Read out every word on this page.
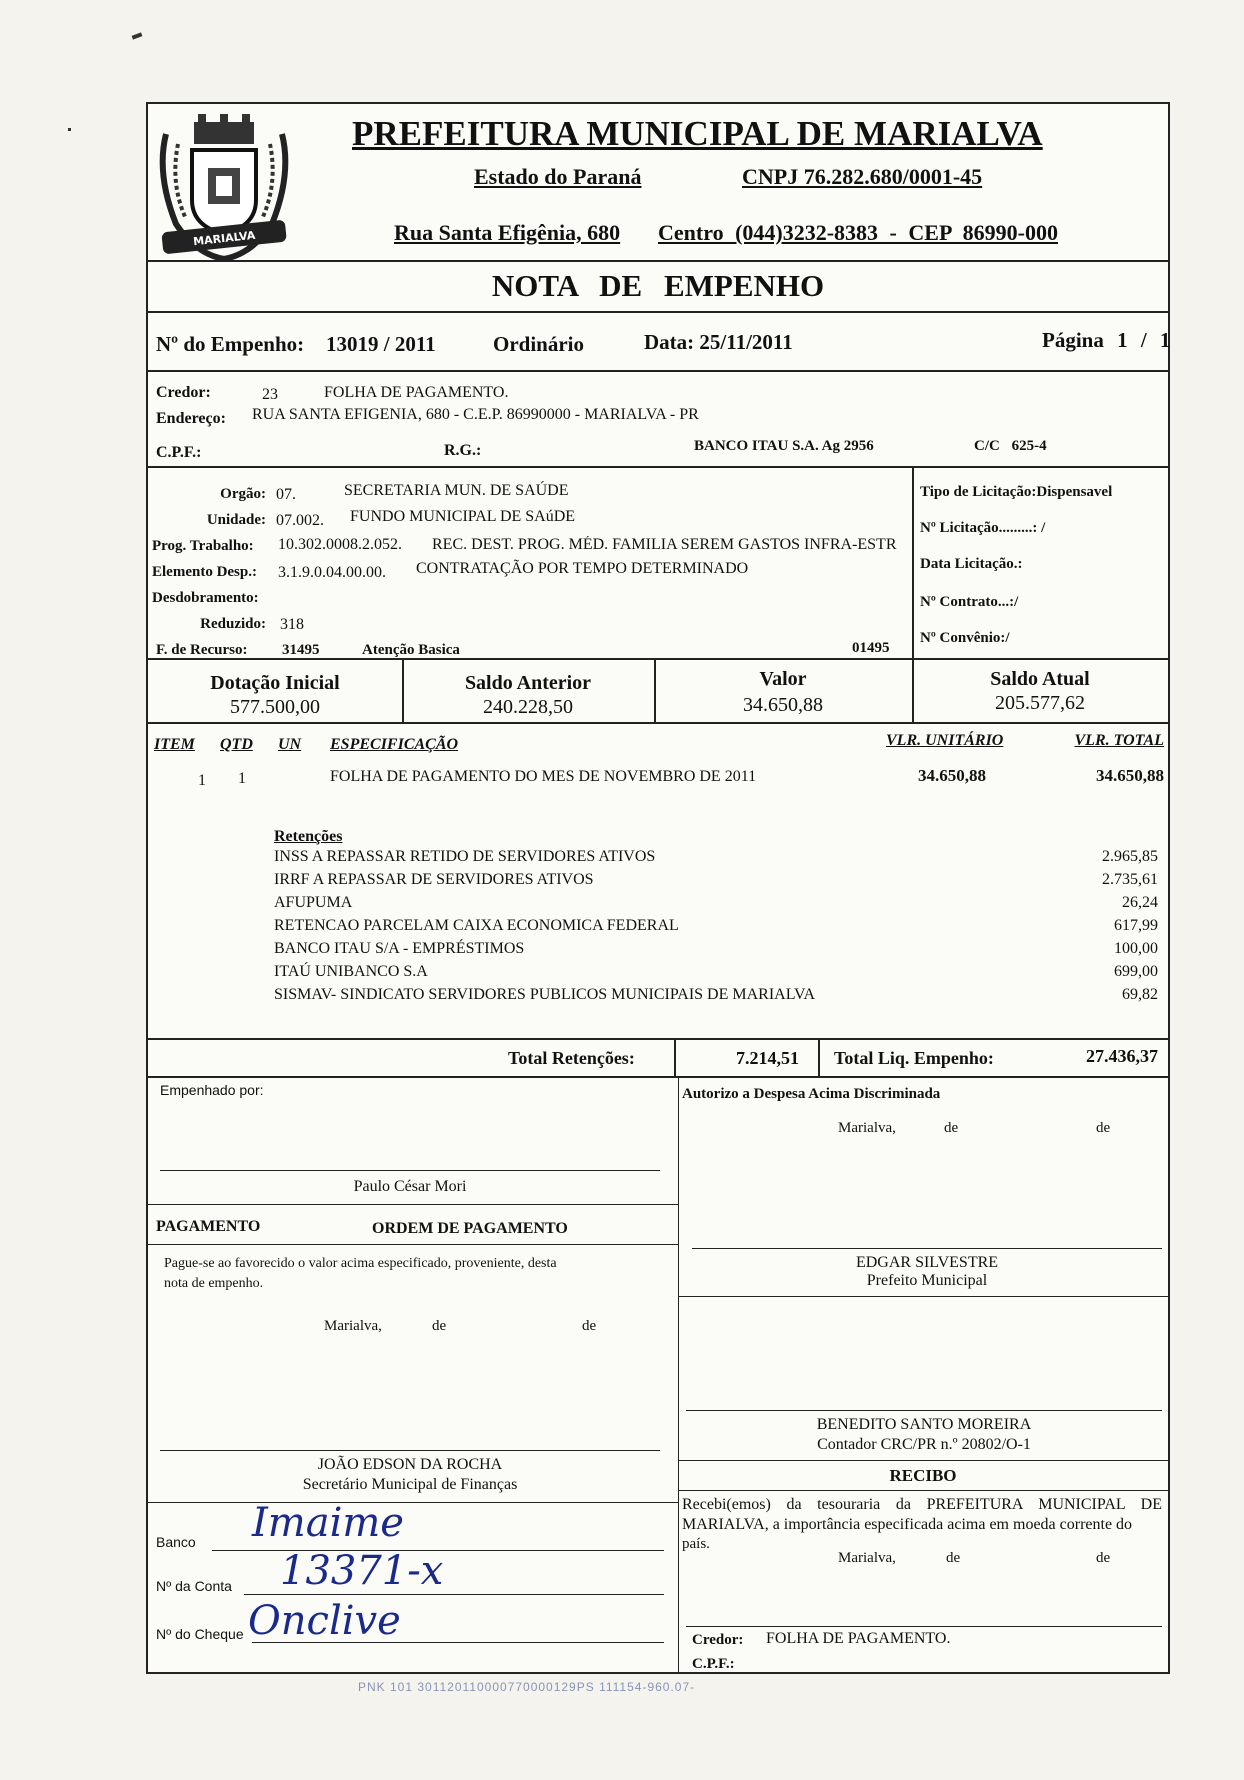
MARIALVA
PREFEITURA MUNICIPAL DE MARIALVA
Estado do Paraná	CNPJ 76.282.680/0001-45
Rua Santa Efigênia, 680 Centro (044)3232-8383 - CEP 86990-000
NOTA DE EMPENHO
Nº do Empenho: 13019 / 2011	Ordinário	Data: 25/11/2011	Página 1 / 1
Credor:	23	FOLHA DE PAGAMENTO.
Endereço: RUA SANTA EFIGENIA, 680 - C.E.P. 86990000 - MARIALVA - PR
C.P.F.:	R.G.:	BANCO ITAU S.A. Ag 2956	C/C 625-4
Orgão: 07.	SECRETARIA MUN. DE SAÚDE
Unidade: 07.002. FUNDO MUNICIPAL DE SAúDE
Prog. Trabalho: 10.302.0008.2.052. REC. DEST. PROG. MÉD. FAMILIA SEREM GASTOS INFRA-ESTR
Elemento Desp.: 3.1.9.0.04.00.00. CONTRATAÇÃO POR TEMPO DETERMINADO
Desdobramento:
Reduzido: 318
F. de Recurso: 31495	Atenção Basica	01495
Tipo de Licitação:Dispensavel
Nº Licitação.........: /
Data Licitação.:
Nº Contrato...:/
Nº Convênio:/
Dotação Inicial
577.500,00
Saldo Anterior
240.228,50
Valor
34.650,88
Saldo Atual
205.577,62
ITEM QTD UN ESPECIFICAÇÃO	VLR. UNITÁRIO	VLR. TOTAL
1 1	FOLHA DE PAGAMENTO DO MES DE NOVEMBRO DE 2011	34.650,88	34.650,88
Retenções
INSS A REPASSAR RETIDO DE SERVIDORES ATIVOS	2.965,85
IRRF A REPASSAR DE SERVIDORES ATIVOS	2.735,61
AFUPUMA	26,24
RETENCAO PARCELAM CAIXA ECONOMICA FEDERAL	617,99
BANCO ITAU S/A - EMPRÉSTIMOS	100,00
ITAÚ UNIBANCO S.A	699,00
SISMAV- SINDICATO SERVIDORES PUBLICOS MUNICIPAIS DE MARIALVA	69,82
Total Retenções:	7.214,51 Total Liq. Empenho:	27.436,37
Empenhado por:
Paulo César Mori
Autorizo a Despesa Acima Discriminada
Marialva,	de	de
EDGAR SILVESTRE
Prefeito Municipal
PAGAMENTO	ORDEM DE PAGAMENTO
Pague-se ao favorecido o valor acima especificado, proveniente, desta
nota de empenho.
Marialva,	de	de
JOÃO EDSON DA ROCHA
Secretário Municipal de Finanças
BENEDITO SANTO MOREIRA
Contador CRC/PR n.º 20802/O-1
RECIBO
Recebi(emos) da tesouraria da PREFEITURA MUNICIPAL DE
MARIALVA, a importância especificada acima em moeda corrente do
país.
Marialva,	de	de
Credor: FOLHA DE PAGAMENTO.
C.P.F.:
Banco Imaime
Nº da Conta 13371-x
Nº do Cheque Onclive
PNK 101 301120110000770000129PS 111154-960.07-
